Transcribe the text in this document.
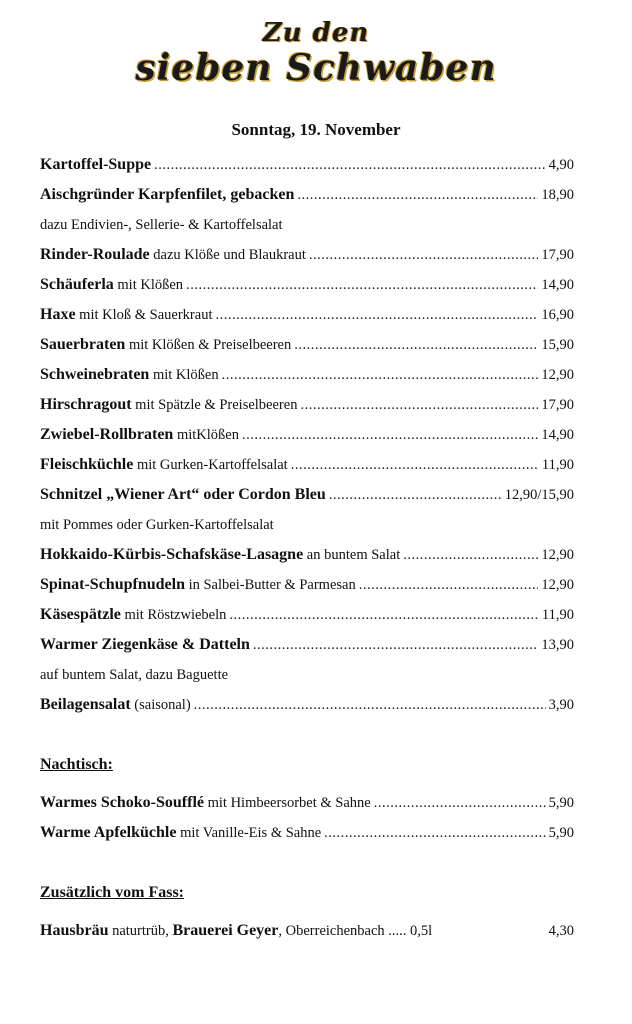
Zu den
sieben Schwaben
Sonntag, 19. November
Kartoffel-Suppe .....	4,90
Aischgründer Karpfenfilet, gebacken .....	18,90
dazu Endivien-, Sellerie- & Kartoffelsalat
Rinder-Roulade dazu Klöße und Blaukraut .....	17,90
Schäuferla mit Klößen .....	14,90
Haxe mit Kloß & Sauerkraut .....	16,90
Sauerbraten mit Klößen & Preiselbeeren .....	15,90
Schweinebraten mit Klößen .....	12,90
Hirschragout mit Spätzle & Preiselbeeren .....	17,90
Zwiebel-Rollbraten mitKlößen .....	14,90
Fleischküchle mit Gurken-Kartoffelsalat .....	11,90
Schnitzel „Wiener Art“ oder Cordon Bleu .....	12,90/15,90
mit Pommes oder Gurken-Kartoffelsalat
Hokkaido-Kürbis-Schafskäse-Lasagne an buntem Salat .....	12,90
Spinat-Schupfnudeln in Salbei-Butter & Parmesan .....	12,90
Käsespätzle mit Röstzwiebeln .....	11,90
Warmer Ziegenkäse & Datteln .....	13,90
auf buntem Salat, dazu Baguette
Beilagensalat (saisonal) .....	3,90
Nachtisch:
Warmes Schoko-Soufflé mit Himbeersorbet & Sahne .....	5,90
Warme Apfelküchle mit Vanille-Eis & Sahne .....	5,90
Zusätzlich vom Fass:
Hausbräu naturtrüb, Brauerei Geyer, Oberreichenbach ..... 0,5l	4,30
